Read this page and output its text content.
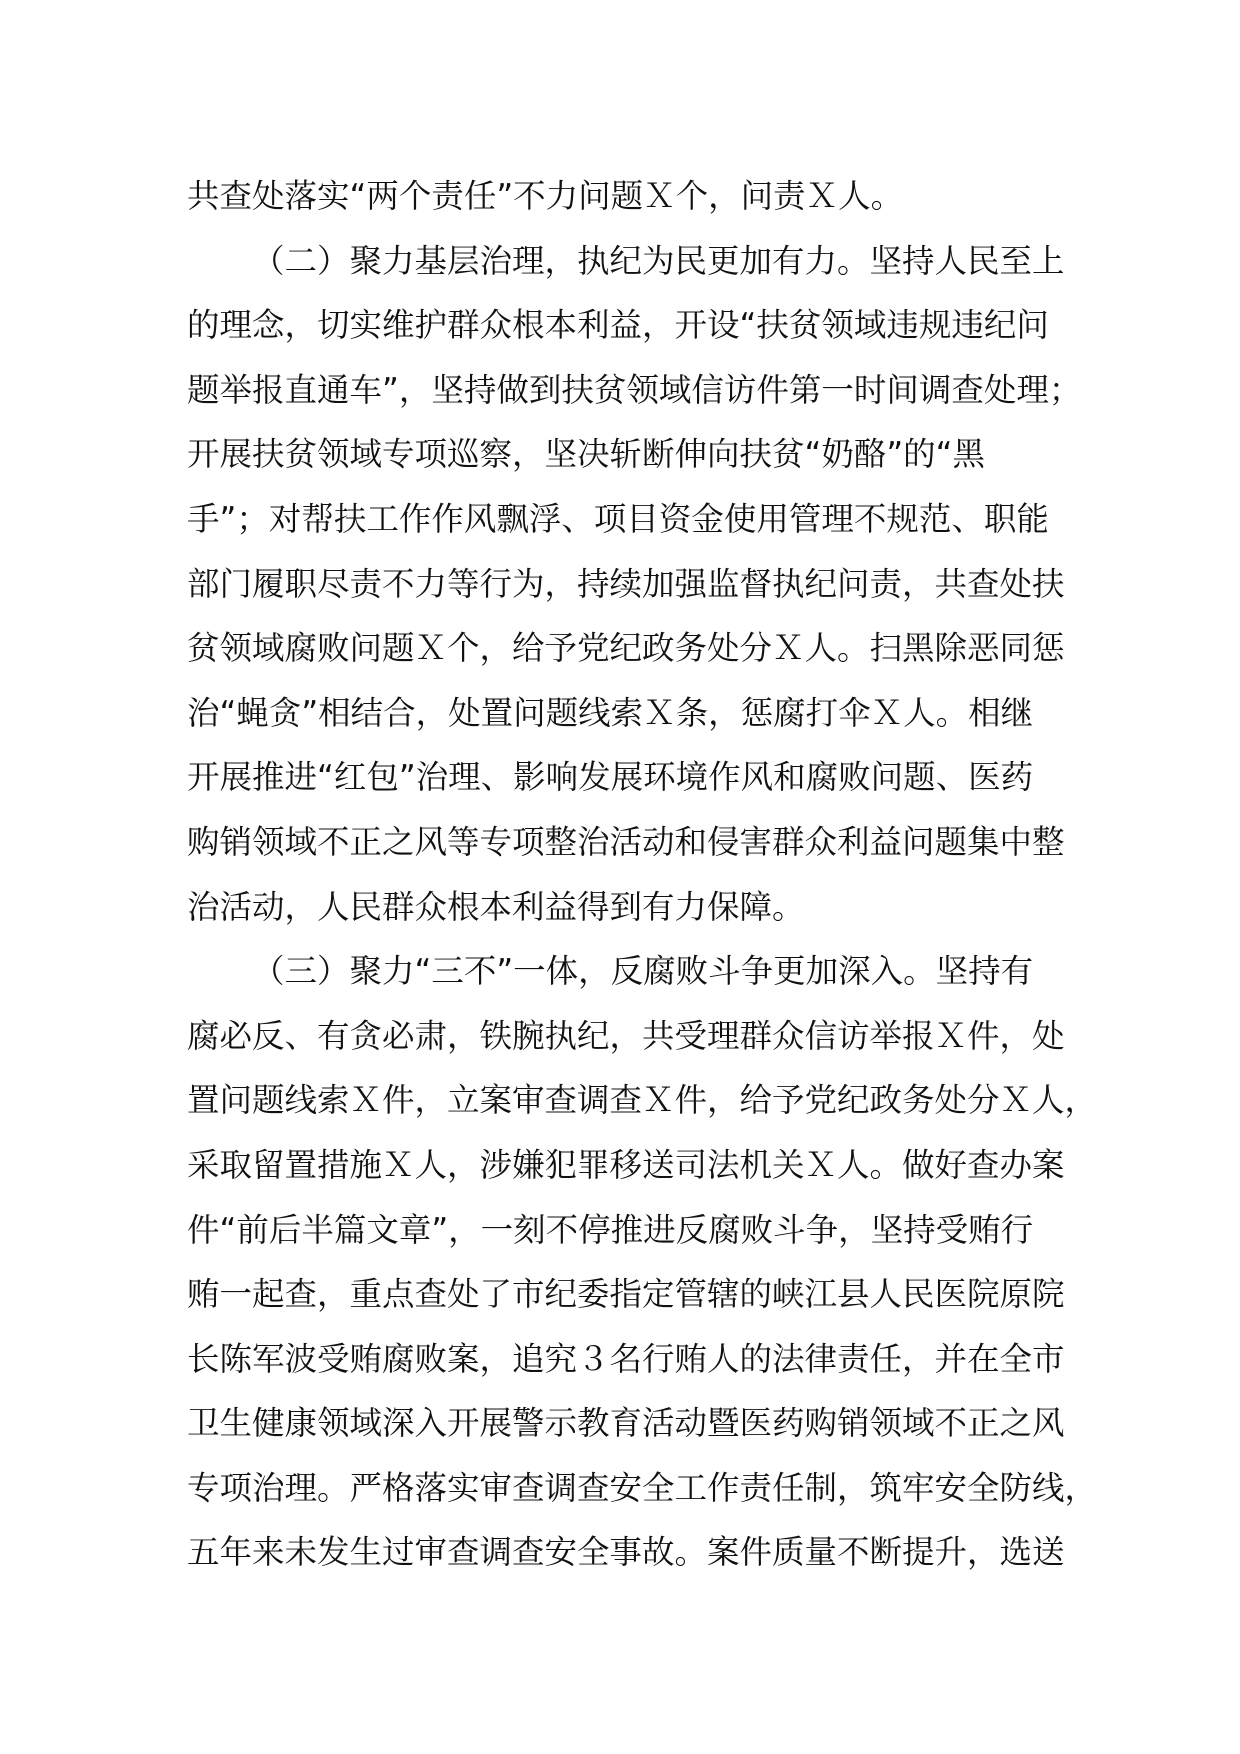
共查处落实“两个责任”不力问题Ｘ个，问责Ｘ人。
（二）聚力基层治理，执纪为民更加有力。坚持人民至上
的理念，切实维护群众根本利益，开设“扶贫领域违规违纪问
题举报直通车”，坚持做到扶贫领域信访件第一时间调查处理；
开展扶贫领域专项巡察，坚决斩断伸向扶贫“奶酪”的“黑
手”；对帮扶工作作风飘浮、项目资金使用管理不规范、职能
部门履职尽责不力等行为，持续加强监督执纪问责，共查处扶
贫领域腐败问题Ｘ个，给予党纪政务处分Ｘ人。扫黑除恶同惩
治“蝇贪”相结合，处置问题线索Ｘ条，惩腐打伞Ｘ人。相继
开展推进“红包”治理、影响发展环境作风和腐败问题、医药
购销领域不正之风等专项整治活动和侵害群众利益问题集中整
治活动，人民群众根本利益得到有力保障。
（三）聚力“三不”一体，反腐败斗争更加深入。坚持有
腐必反、有贪必肃，铁腕执纪，共受理群众信访举报Ｘ件，处
置问题线索Ｘ件，立案审查调查Ｘ件，给予党纪政务处分Ｘ人，
采取留置措施Ｘ人，涉嫌犯罪移送司法机关Ｘ人。做好查办案
件“前后半篇文章”，一刻不停推进反腐败斗争，坚持受贿行
贿一起查，重点查处了市纪委指定管辖的峡江县人民医院原院
长陈军波受贿腐败案，追究３名行贿人的法律责任，并在全市
卫生健康领域深入开展警示教育活动暨医药购销领域不正之风
专项治理。严格落实审查调查安全工作责任制，筑牢安全防线，
五年来未发生过审查调查安全事故。案件质量不断提升，选送
